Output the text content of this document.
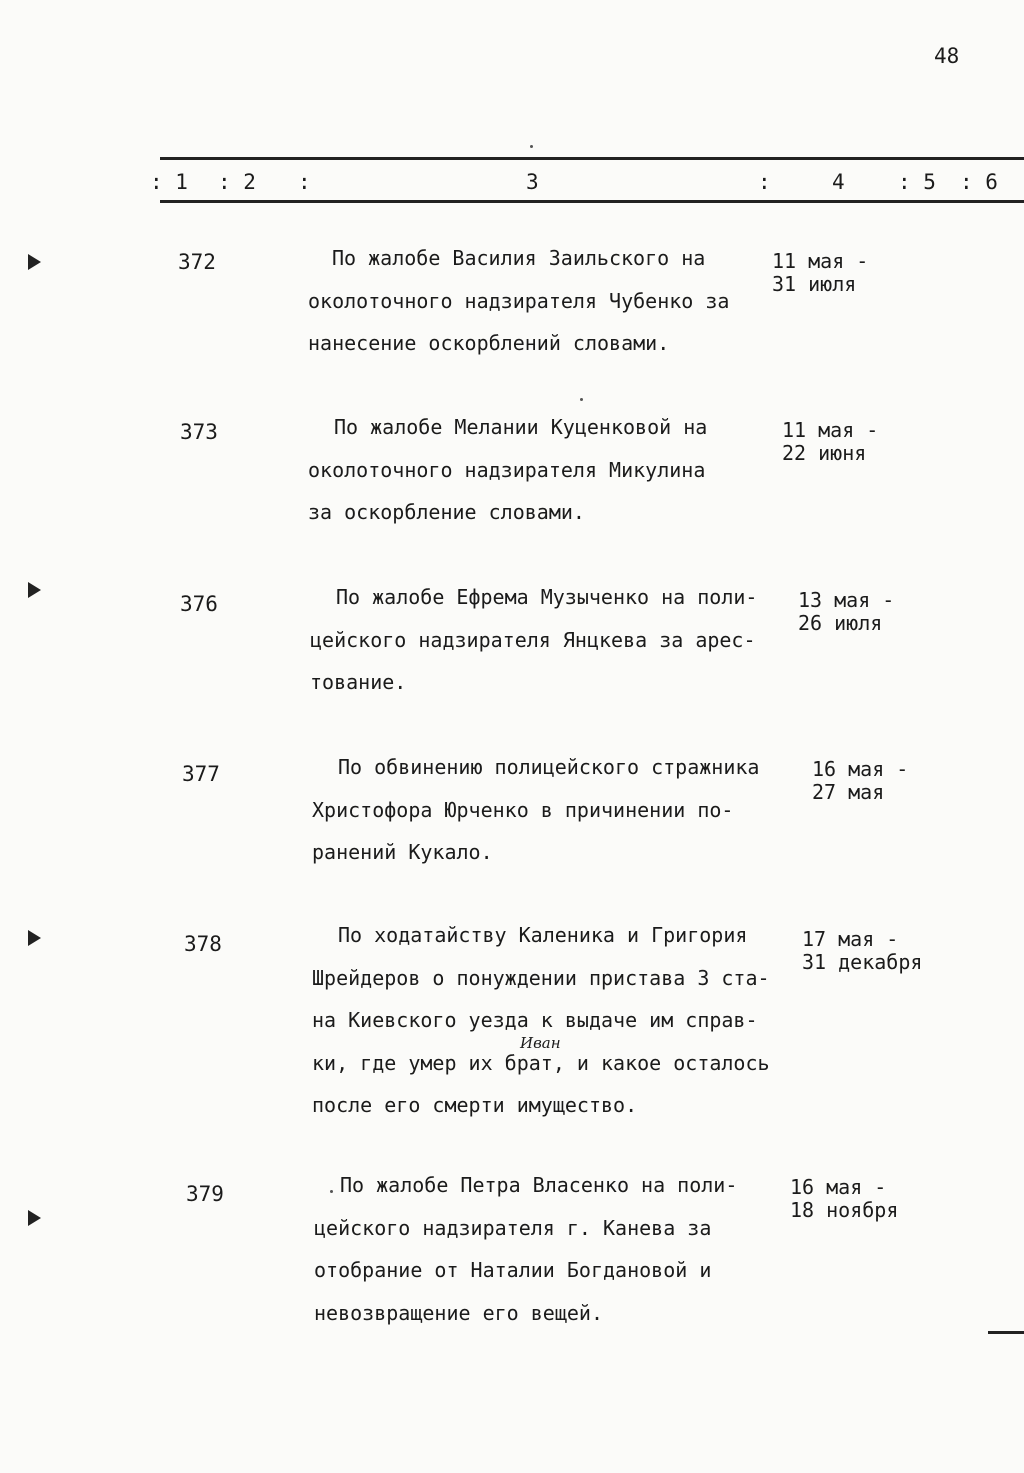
48
: 1 : 2 :	3	:	4	: 5 : 6
372	По жалобе Василия Заильского на
околоточного надзирателя Чубенко за
нанесение оскорблений словами.
11 мая -
31 июля
373	По жалобе Мелании Куценковой на
околоточного надзирателя Микулина
за оскорбление словами.
11 мая -
22 июня
376	По жалобе Ефрема Музыченко на поли-
цейского надзирателя Янцкева за арес-
тование.
13 мая -
26 июля
377	По обвинению полицейского стражника
Христофора Юрченко в причинении по-
ранений Кукало.
16 мая -
27 мая
378	По ходатайству Каленика и Григория
Шрейдеров о понуждении пристава 3 ста-
на Киевского уезда к выдаче им справ-
Иван
ки, где умер их брат, и какое осталось
после его смерти имущество.
17 мая -
31 декабря
379	По жалобе Петра Власенко на поли-
цейского надзирателя г. Канева за
отобрание от Наталии Богдановой и
невозвращение его вещей.
16 мая -
18 ноября
